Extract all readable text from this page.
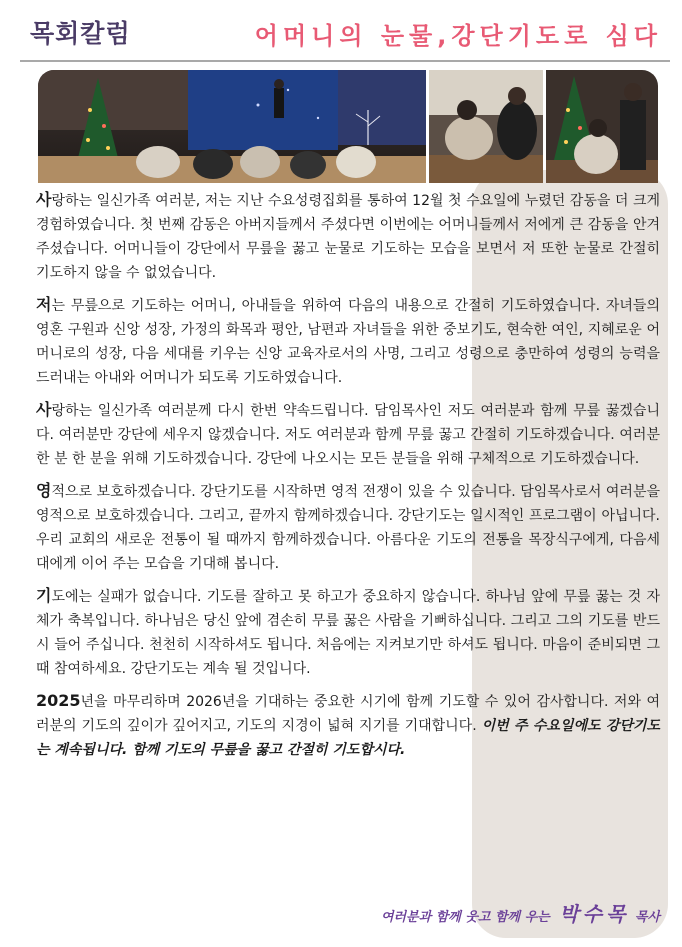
목회칼럼	어머니의 눈물,강단기도로 심다

사랑하는 일신가족 여러분, 저는 지난 수요성령집회를 통하여 12월 첫 수요일에 누렸던 감동을 더 크게 경험하였습니다. 첫 번째 감동은 아버지들께서 주셨다면 이번에는 어머니들께서 저에게 큰 감동을 안겨 주셨습니다. 어머니들이 강단에서 무릎을 꿇고 눈물로 기도하는 모습을 보면서 저 또한 눈물로 간절히 기도하지 않을 수 없었습니다.

저는 무릎으로 기도하는 어머니, 아내들을 위하여 다음의 내용으로 간절히 기도하였습니다. 자녀들의 영혼 구원과 신앙 성장, 가정의 화목과 평안, 남편과 자녀들을 위한 중보기도, 현숙한 여인, 지혜로운 어머니로의 성장, 다음 세대를 키우는 신앙 교육자로서의 사명, 그리고 성령으로 충만하여 성령의 능력을 드러내는 아내와 어머니가 되도록 기도하였습니다.

사랑하는 일신가족 여러분께 다시 한번 약속드립니다. 담임목사인 저도 여러분과 함께 무릎 꿇겠습니다. 여러분만 강단에 세우지 않겠습니다. 저도 여러분과 함께 무릎 꿇고 간절히 기도하겠습니다. 여러분 한 분 한 분을 위해 기도하겠습니다. 강단에 나오시는 모든 분들을 위해 구체적으로 기도하겠습니다.

영적으로 보호하겠습니다. 강단기도를 시작하면 영적 전쟁이 있을 수 있습니다. 담임목사로서 여러분을 영적으로 보호하겠습니다. 그리고, 끝까지 함께하겠습니다. 강단기도는 일시적인 프로그램이 아닙니다. 우리 교회의 새로운 전통이 될 때까지 함께하겠습니다. 아름다운 기도의 전통을 목장식구에게, 다음세대에게 이어 주는 모습을 기대해 봅니다.

기도에는 실패가 없습니다. 기도를 잘하고 못 하고가 중요하지 않습니다. 하나님 앞에 무릎 꿇는 것 자체가 축복입니다. 하나님은 당신 앞에 겸손히 무릎 꿇은 사람을 기뻐하십니다. 그리고 그의 기도를 반드시 들어 주십니다. 천천히 시작하셔도 됩니다. 처음에는 지켜보기만 하셔도 됩니다. 마음이 준비되면 그때 참여하세요. 강단기도는 계속 될 것입니다.

2025년을 마무리하며 2026년을 기대하는 중요한 시기에 함께 기도할 수 있어 감사합니다. 저와 여러분의 기도의 깊이가 깊어지고, 기도의 지경이 넓혀 지기를 기대합니다. 이번 주 수요일에도 강단기도는 계속됩니다. 함께 기도의 무릎을 꿇고 간절히 기도합시다.

여러분과 함께 웃고 함께 우는 박수목 목사
